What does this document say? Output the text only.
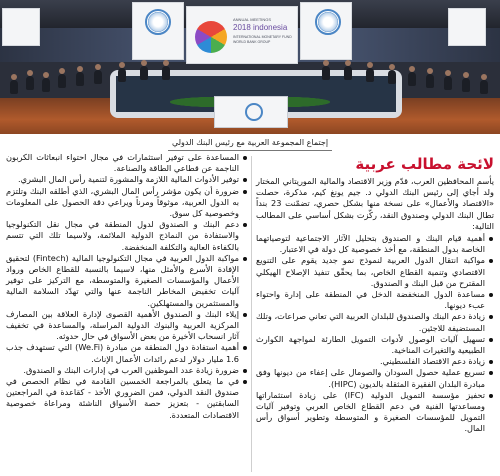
ANNUAL MEETINGS
2018 indonesia
INTERNATIONAL MONETARY FUND
WORLD BANK GROUP
إجتماع المجموعة العربية مع رئيس البنك الدولي
لائحة مطالب عربية

يأسم المحافظين العرب، قدّم وزير الاقتصاد والمالية الموريتاني المختار ولد أجاي إلى رئيس البنك الدولي د. جيم يونغ كيم، مذكرة، حصلت «الاقتصاد والأعمال» على نسخة منها بشكل حصري، تضمّنت 23 بنداً تطال البنك الدولي وصندوق النقد، ركّزت بشكل أساسي على المطالب التالية:

أهمية قيام البنك و الصندوق بتحليل الآثار الاجتماعية لتوصياتهما الخاصة بدول المنطقة، مع أخذ خصوصية كل دولة في الاعتبار.
مواكبة انتقال الدول العربية لنموذج نمو جديد يقوم على التنويع الاقتصادي وتنمية القطاع الخاص، بما يحقّق تنفيذ الإصلاح الهيكلي المقترح من قبل البنك و الصندوق.
مساعدة الدول المنخفضة الدخل في المنطقة على إدارة واحتواء عبء ديونها.
زيادة دعم البنك والصندوق للبلدان العربية التي تعاني صراعات، وتلك المستضيفة للاجئين.
تسهيل آليات الوصول لأدوات التمويل الطارئة لمواجهة الكوارث الطبيعية والتغيرات المناخية.
زيادة دعم الاقتصاد الفلسطيني.
تسريع عملية حصول السودان والصومال على إعفاء من ديونها وفق مبادرة البلدان الفقيرة المثقلة بالديون (HIPC).
تحفيز مؤسسة التمويل الدولية (IFC) على زيادة استثماراتها ومساعدتها الفنية في دعم القطاع الخاص العربي وتوفير آليات التمويل للمؤسسات الصغيرة و المتوسطة وتطوير أسواق رأس المال.
المساعدة على توفير استثمارات في مجال احتواء انبعاثات الكربون الناجمة عن قطاعي الطاقة والصناعة.
توفير الأدوات المالية اللازمة والمشورة لتنمية رأس المال البشري.
ضرورة أن يكون مؤشر رأس المال البشري، الذي أطلقه البنك وتلتزم به الدول العربية، موثوقاً ومرناً ويراعي دقة الحصول على المعلومات وخصوصية كل سوق.
دعم البنك و الصندوق لدول المنطقة في مجال نقل التكنولوجيا والاستفادة من النماذج الدولية الملائمة، ولاسيما تلك التي تتسم بالكفاءة العالية والتكلفة المنخفضة.
مواكبة الدول العربية في مجال التكنولوجيا المالية (Fintech) لتحقيق الإفادة الأسرع والأمثل منها، لاسيما بالنسبة للقطاع الخاص ورواد الأعمال والمؤسسات الصغيرة والمتوسطة، مع التركيز على توفير آليات تخفيض المخاطر الناجمة عنها والتي تهدّد السلامة المالية والمستثمرين والمستهلكين.
إيلاء البنك و الصندوق الأهمية القصوى لإدارة العلاقة بين المصارف المركزية العربية والبنوك الدولية المراسلة، والمساعدة في تخفيف آثار انسحاب الأخيرة من بعض الأسواق في حال حدوثه.
أهمية استفادة دول المنطقة من مبادرة (We.Fi) التي تستهدف جذب 1.6 مليار دولار لدعم رائدات الأعمال الإناث.
ضرورة زيادة عدد الموظفين العرب في إدارات البنك و الصندوق.
في ما يتعلق بالمراجعة الخمسين القادمة في نظام الحصص في صندوق النقد الدولي، فمن الضروري الأخذ - كقاعدة في المراجعتين السابقتين - بتعزيز حصة الأسواق الناشئة ومراعاة خصوصية الاقتصادات المتعددة.
